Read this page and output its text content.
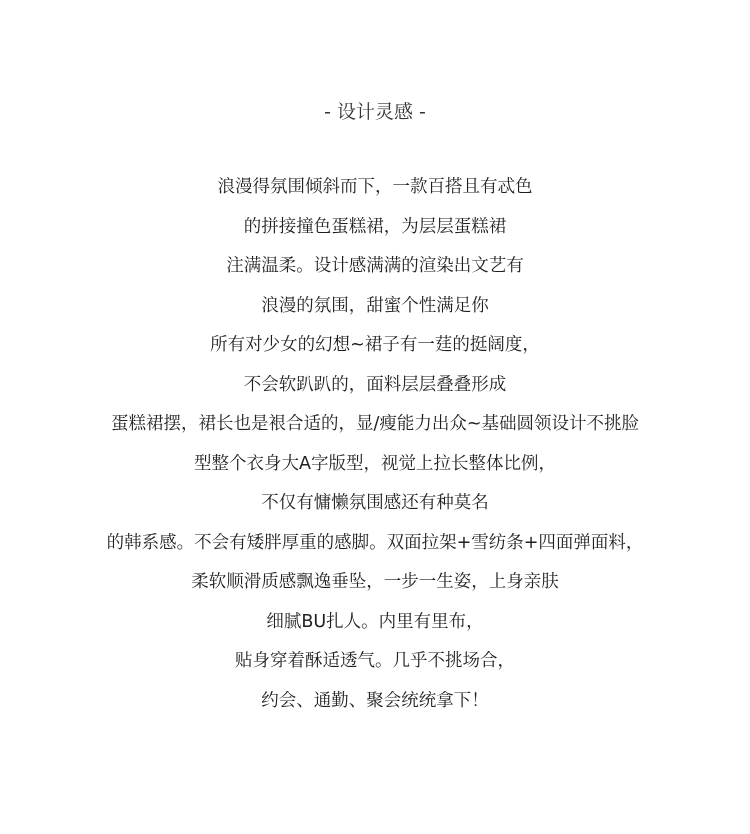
- 设计灵感 -
浪漫得氛围倾斜而下，一款百搭且有忒色
的拼接撞色蛋糕裙，为层层蛋糕裙
注满温柔。设计感满满的渲染出文艺有
浪漫的氛围，甜蜜个性满足你
所有对少女的幻想~裙子有一莛的挺阔度，
不会软趴趴的，面料层层叠叠形成
蛋糕裙摆，裙长也是裉合适的，显/瘦能力出众~基础圆领设计不挑脸
型整个衣身大A字版型，视觉上拉长整体比例，
不仅有慵懒氛围感还有种莫名
的韩系感。不会有矮胖厚重的感脚。双面拉架+雪纺条+四面弹面料，
柔软顺滑质感飘逸垂坠，一步一生姿，上身亲肤
细腻BU扎人。内里有里布，
贴身穿着酥适透气。几乎不挑场合，
约会、通勤、聚会统统拿下！
